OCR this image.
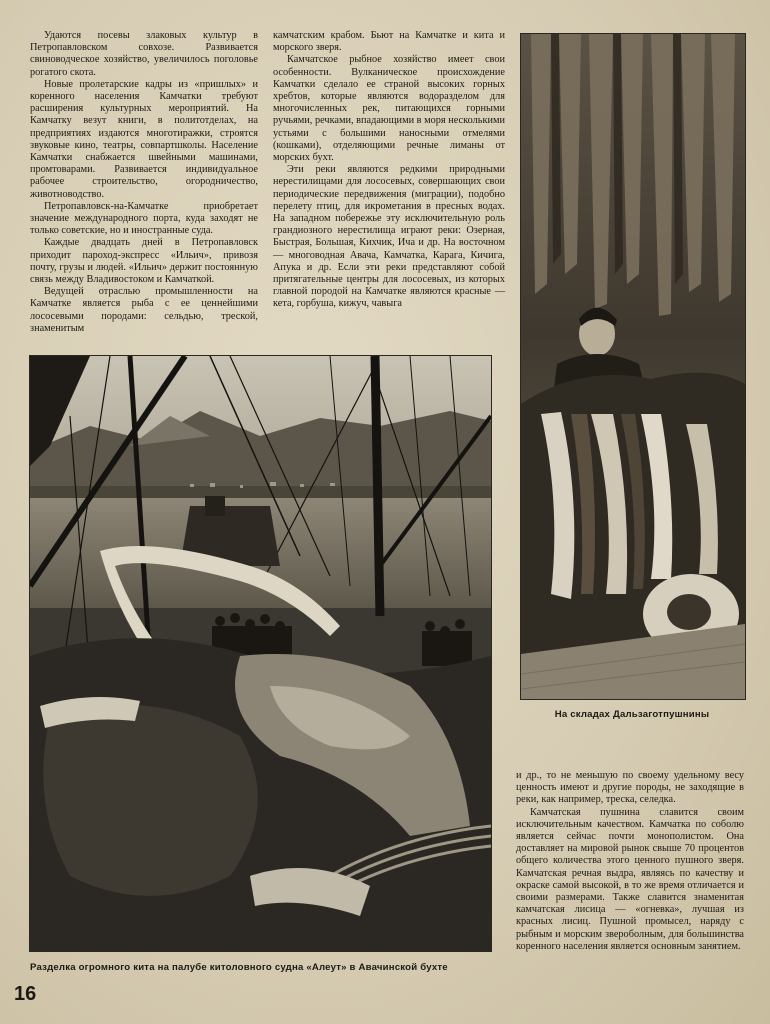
Удаются посевы злаковых культур в Петропавловском совхозе. Развивается свиноводческое хозяйство, увеличилось поголовье рогатого скота.

Новые пролетарские кадры из «пришлых» и коренного населения Камчатки требуют расширения культурных мероприятий. На Камчатку везут книги, в политотделах, на предприятиях издаются многотиражки, строятся звуковые кино, театры, совпартшколы. Население Камчатки снабжается швейными машинами, промтоварами. Развивается индивидуальное рабочее строительство, огородничество, животноводство.

Петропавловск-на-Камчатке приобретает значение международного порта, куда заходят не только советские, но и иностранные суда.

Каждые двадцать дней в Петропавловск приходит пароход-экспресс «Ильич», привозя почту, грузы и людей. «Ильич» держит постоянную связь между Владивостоком и Камчаткой.

Ведущей отраслью промышленности на Камчатке является рыба с ее ценнейшими лососевыми породами: сельдью, треской, знаменитым

камчатским крабом. Бьют на Камчатке и кита и морского зверя.

Камчатское рыбное хозяйство имеет свои особенности. Вулканическое происхождение Камчатки сделало ее страной высоких горных хребтов, которые являются водоразделом для многочисленных рек, питающихся горными ручьями, речками, впадающими в моря несколькими устьями с большими наносными отмелями (кошками), отделяющими речные лиманы от морских бухт.

Эти реки являются редкими природными нерестилищами для лососевых, совершающих свои периодические передвижения (миграции), подобно перелету птиц, для икрометания в пресных водах. На западном побережье эту исключительную роль грандиозного нерестилища играют реки: Озерная, Быстрая, Большая, Кихчик, Ича и др. На восточном — многоводная Авача, Камчатка, Карага, Кичига, Апука и др. Если эти реки представляют собой притягательные центры для лососевых, из которых главной породой на Камчатке являются красные — кета, горбуша, кижуч, чавыга

На складах Дальзаготпушнины
Разделка огромного кита на палубе китоловного судна «Алеут» в Авачинской бухте

и др., то не меньшую по своему удельному весу ценность имеют и другие породы, не заходящие в реки, как например, треска, селедка.

Камчатская пушнина славится своим исключительным качеством. Камчатка по соболю является сейчас почти монополистом. Она доставляет на мировой рынок свыше 70 процентов общего количества этого ценного пушного зверя. Камчатская речная выдра, являясь по качеству и окраске самой высокой, в то же время отличается и своими размерами. Также славится знаменитая камчатская лисица — «огневка», лучшая из красных лисиц. Пушной промысел, наряду с рыбным и морским звероболным, для большинства коренного населения является основным занятием.

16
